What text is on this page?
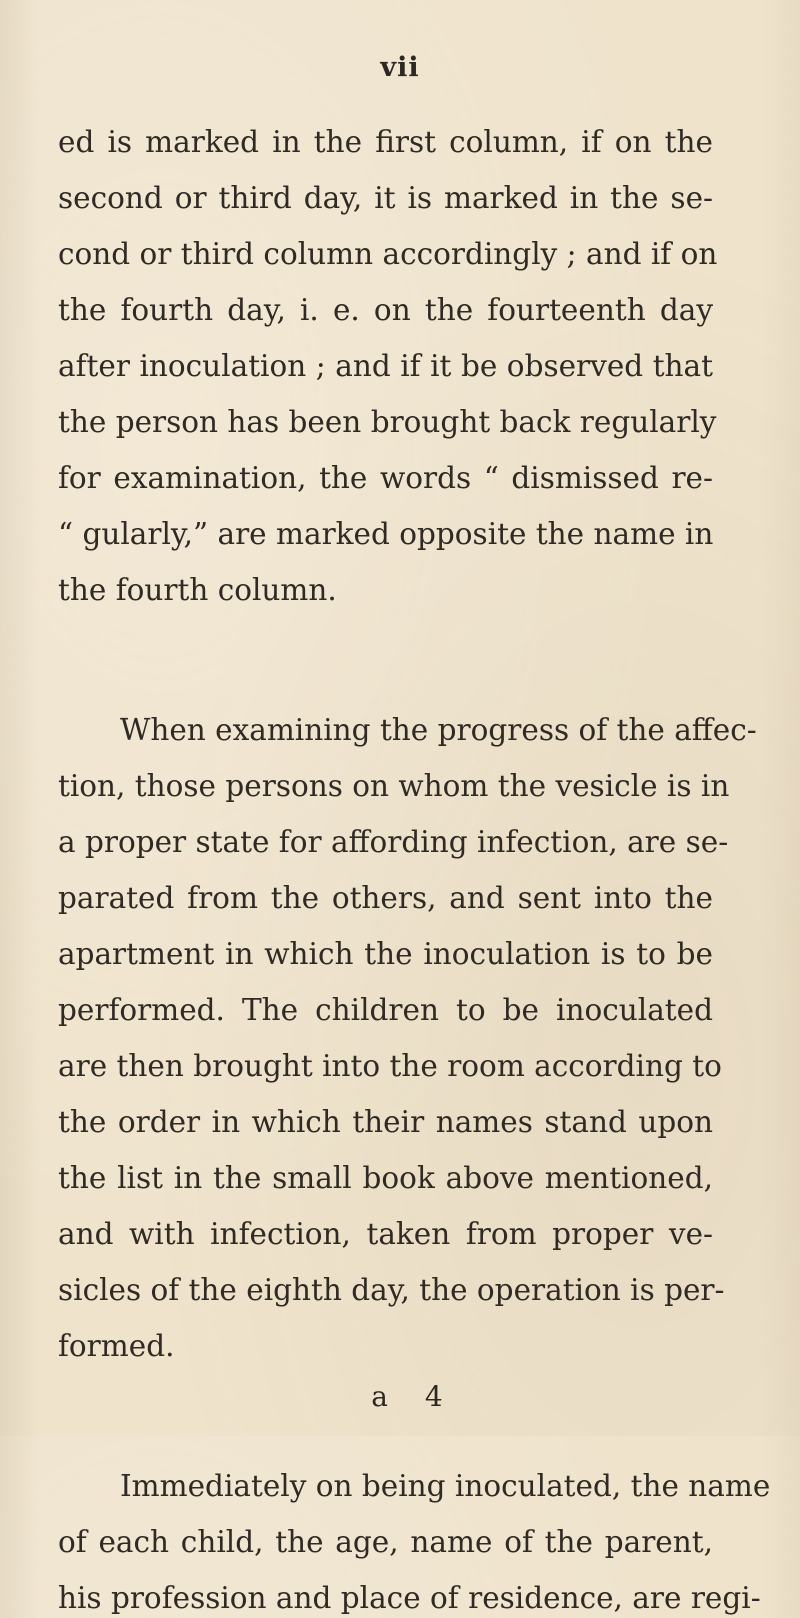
vii
ed is marked in the first column, if on the
second or third day, it is marked in the se-
cond or third column accordingly ; and if on
the fourth day, i. e. on the fourteenth day
after inoculation ; and if it be observed that
the person has been brought back regularly
for examination, the words “ dismissed re-
“ gularly,” are marked opposite the name in
the fourth column.
When examining the progress of the affec-
tion, those persons on whom the vesicle is in
a proper state for affording infection, are se-
parated from the others, and sent into the
apartment in which the inoculation is to be
performed. The children to be inoculated
are then brought into the room according to
the order in which their names stand upon
the list in the small book above mentioned,
and with infection, taken from proper ve-
sicles of the eighth day, the operation is per-
formed.
Immediately on being inoculated, the name
of each child, the age, name of the parent,
his profession and place of residence, are regi-
a 4
